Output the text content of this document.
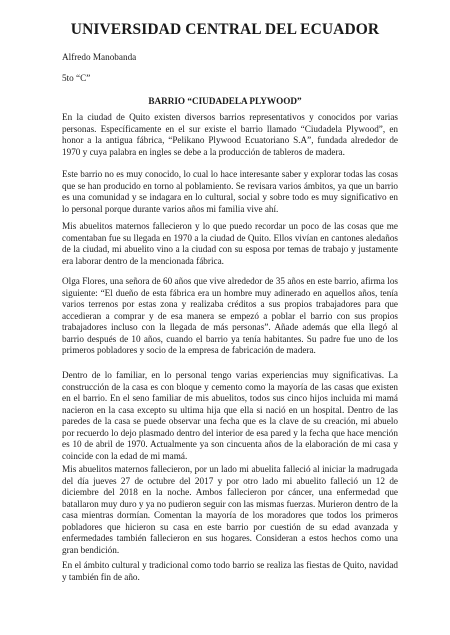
UNIVERSIDAD CENTRAL DEL ECUADOR
Alfredo Manobanda
5to “C”
BARRIO “CIUDADELA PLYWOOD”

En la ciudad de Quito existen diversos barrios representativos y conocidos por varias personas. Específicamente en el sur existe el barrio llamado “Ciudadela Plywood”, en honor a la antigua fábrica, “Pelikano Plywood Ecuatoriano S.A”, fundada alrededor de 1970 y cuya palabra en ingles se debe a la producción de tableros de madera.

Este barrio no es muy conocido, lo cual lo hace interesante saber y explorar todas las cosas que se han producido en torno al poblamiento. Se revisara varios ámbitos, ya que un barrio es una comunidad y se indagara en lo cultural, social y sobre todo es muy significativo en lo personal porque durante varios años mi familia vive ahí.

Mis abuelitos maternos fallecieron y lo que puedo recordar un poco de las cosas que me comentaban fue su llegada en 1970 a la ciudad de Quito. Ellos vivían en cantones aledaños de la ciudad, mi abuelito vino a la ciudad con su esposa por temas de trabajo y justamente era laborar dentro de la mencionada fábrica.

Olga Flores, una señora de 60 años que vive alrededor de 35 años en este barrio, afirma los siguiente: “El dueño de esta fábrica era un hombre muy adinerado en aquellos años, tenía varios terrenos por estas zona y realizaba créditos a sus propios trabajadores para que accedieran a comprar y de esa manera se empezó a poblar el barrio con sus propios trabajadores incluso con la llegada de más personas”. Añade además que ella llegó al barrio después de 10 años, cuando el barrio ya tenía habitantes. Su padre fue uno de los primeros pobladores y socio de la empresa de fabricación de madera.

Dentro de lo familiar, en lo personal tengo varias experiencias muy significativas. La construcción de la casa es con bloque y cemento como la mayoría de las casas que existen en el barrio. En el seno familiar de mis abuelitos, todos sus cinco hijos incluida mi mamá nacieron en la casa excepto su ultima hija que ella si nació en un hospital. Dentro de las paredes de la casa se puede observar una fecha que es la clave de su creación, mi abuelo por recuerdo lo dejo plasmado dentro del interior de esa pared y la fecha que hace mención es 10 de abril de 1970. Actualmente ya son cincuenta años de la elaboración de mi casa y coincide con la edad de mi mamá.

Mis abuelitos maternos fallecieron, por un lado mi abuelita falleció al iniciar la madrugada del día jueves 27 de octubre del 2017 y por otro lado mi abuelito falleció un 12 de diciembre del 2018 en la noche. Ambos fallecieron por cáncer, una enfermedad que batallaron muy duro y ya no pudieron seguir con las mismas fuerzas. Murieron dentro de la casa mientras dormían. Comentan la mayoría de los moradores que todos los primeros pobladores que hicieron su casa en este barrio por cuestión de su edad avanzada y enfermedades también fallecieron en sus hogares. Consideran a estos hechos como una gran bendición.

En el ámbito cultural y tradicional como todo barrio se realiza las fiestas de Quito, navidad y también fin de año.
